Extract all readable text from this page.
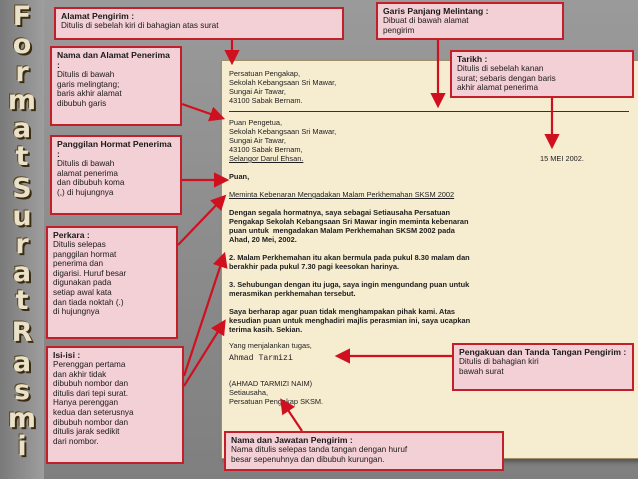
F
o
r
m
a
t
S
u
r
a
t
R
a
s
m
i
Persatuan Pengakap,
Sekolah Kebangsaan Sri Mawar,
Sungai Air Tawar,
43100 Sabak Bernam.
Puan Pengetua,
Sekolah Kebangsaan Sri Mawar,
Sungai Air Tawar,
43100 Sabak Bernam,
Selangor Darul Ehsan.	15 MEI 2002.
Puan,
Meminta Kebenaran Mengadakan Malam Perkhemahan SKSM 2002
Dengan segala hormatnya, saya sebagai Setiausaha Persatuan
Pengakap Sekolah Kebangsaan Sri Mawar ingin meminta kebenaran
puan untuk  mengadakan Malam Perkhemahan SKSM 2002 pada
Ahad, 20 Mei, 2002.
2. Malam Perkhemahan itu akan bermula pada pukul 8.30 malam dan
berakhir pada pukul 7.30 pagi keesokan harinya.
3. Sehubungan dengan itu juga, saya ingin mengundang puan untuk
merasmikan perkhemahan tersebut.
Saya berharap agar puan tidak menghampakan pihak kami. Atas
kesudian puan untuk menghadiri majlis perasmian ini, saya ucapkan
terima kasih. Sekian.
Yang menjalankan tugas,
Ahmad Tarmizi
(AHMAD TARMIZI NAIM)
Setiausaha,
Persatuan Pengakap SKSM.
Alamat Pengirim :
Ditulis di sebelah kiri di bahagian atas surat
Garis Panjang Melintang :
Dibuat di bawah alamat
pengirim
Tarikh :
Ditulis di sebelah kanan
surat; sebaris dengan baris
akhir alamat penerima
Nama dan Alamat Penerima :
Ditulis di bawah
garis melingtang;
baris akhir alamat
dibubuh garis
Panggilan Hormat Penerima :
Ditulis di bawah
alamat penerima
dan dibubuh koma
(,) di hujungnya
Perkara :
Ditulis selepas
panggilan hormat
penerima dan
digarisi. Huruf besar
digunakan pada
setiap awal kata
dan tiada noktah (.)
di hujungnya
Isi-isi :
Perenggan pertama
dan akhir tidak
dibubuh nombor dan
ditulis dari tepi surat.
Hanya perenggan
kedua dan seterusnya
dibubuh nombor dan
ditulis jarak sedikit
dari nombor.
Pengakuan dan Tanda Tangan Pengirim :
Ditulis di bahagian kiri
bawah surat
Nama dan Jawatan Pengirim :
Nama ditulis selepas tanda tangan dengan huruf
besar sepenuhnya dan dibubuh kurungan.
